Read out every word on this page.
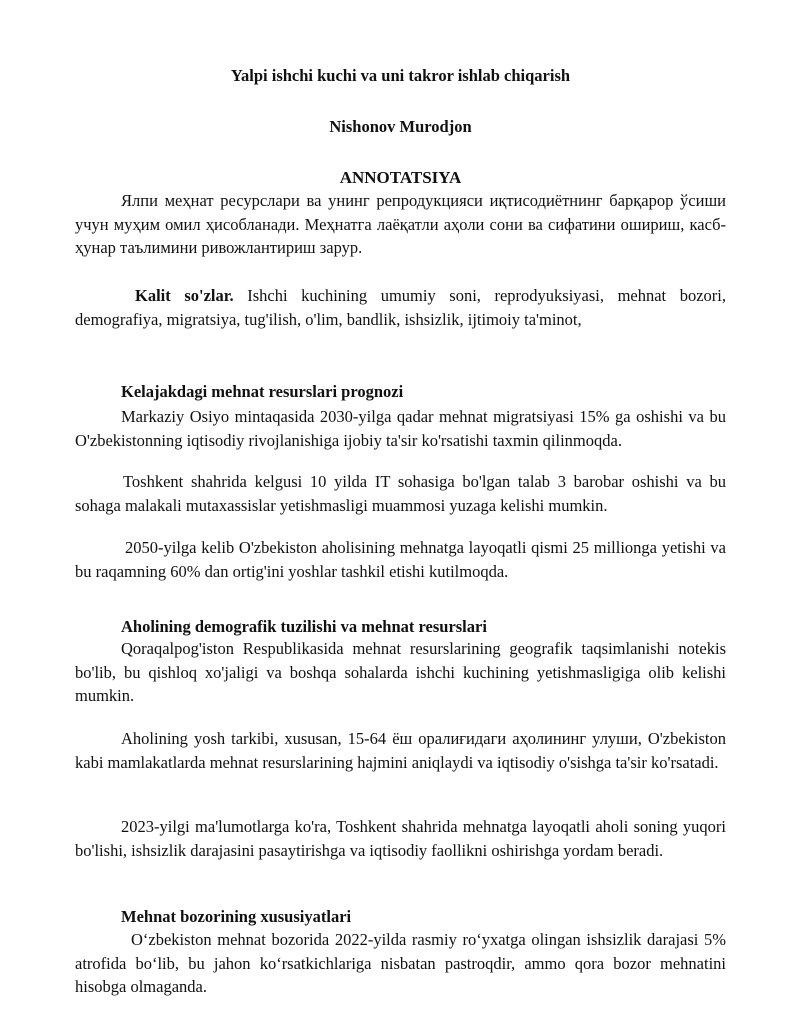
Yalpi ishchi kuchi va uni takror ishlab chiqarish
Nishonov Murodjon
ANNOTATSIYA
Ялпи меҳнат ресурслари ва унинг репродукцияси иқтисодиётнинг барқарор ўсиши учун муҳим омил ҳисобланади. Меҳнатга лаёқатли аҳоли сони ва сифатини ошириш, касб-ҳунар таълимини ривожлантириш зарур.
Kalit so'zlar. Ishchi kuchining umumiy soni, reprodyuksiyasi, mehnat bozori, demografiya, migratsiya, tug'ilish, o'lim, bandlik, ishsizlik, ijtimoiy ta'minot,
Kelajakdagi mehnat resurslari prognozi
Markaziy Osiyo mintaqasida 2030-yilga qadar mehnat migratsiyasi 15% ga oshishi va bu O'zbekistonning iqtisodiy rivojlanishiga ijobiy ta'sir ko'rsatishi taxmin qilinmoqda.
Toshkent shahrida kelgusi 10 yilda IT sohasiga bo'lgan talab 3 barobar oshishi va bu sohaga malakali mutaxassislar yetishmasligi muammosi yuzaga kelishi mumkin.
2050-yilga kelib O'zbekiston aholisining mehnatga layoqatli qismi 25 millionga yetishi va bu raqamning 60% dan ortig'ini yoshlar tashkil etishi kutilmoqda.
Aholining demografik tuzilishi va mehnat resurslari
Qoraqalpog'iston Respublikasida mehnat resurslarining geografik taqsimlanishi notekis bo'lib, bu qishloq xo'jaligi va boshqa sohalarda ishchi kuchining yetishmasligiga olib kelishi mumkin.
Aholining yosh tarkibi, xususan, 15-64 ёш оралиғидаги аҳолининг улуши, O'zbekiston kabi mamlakatlarda mehnat resurslarining hajmini aniqlaydi va iqtisodiy o'sishga ta'sir ko'rsatadi.
2023-yilgi ma'lumotlarga ko'ra, Toshkent shahrida mehnatga layoqatli aholi soning yuqori bo'lishi, ishsizlik darajasini pasaytirishga va iqtisodiy faollikni oshirishga yordam beradi.
Mehnat bozorining xususiyatlari
O‘zbekiston mehnat bozorida 2022-yilda rasmiy ro‘yxatga olingan ishsizlik darajasi 5% atrofida bo‘lib, bu jahon ko‘rsatkichlariga nisbatan pastroqdir, ammo qora bozor mehnatini hisobga olmaganda.
